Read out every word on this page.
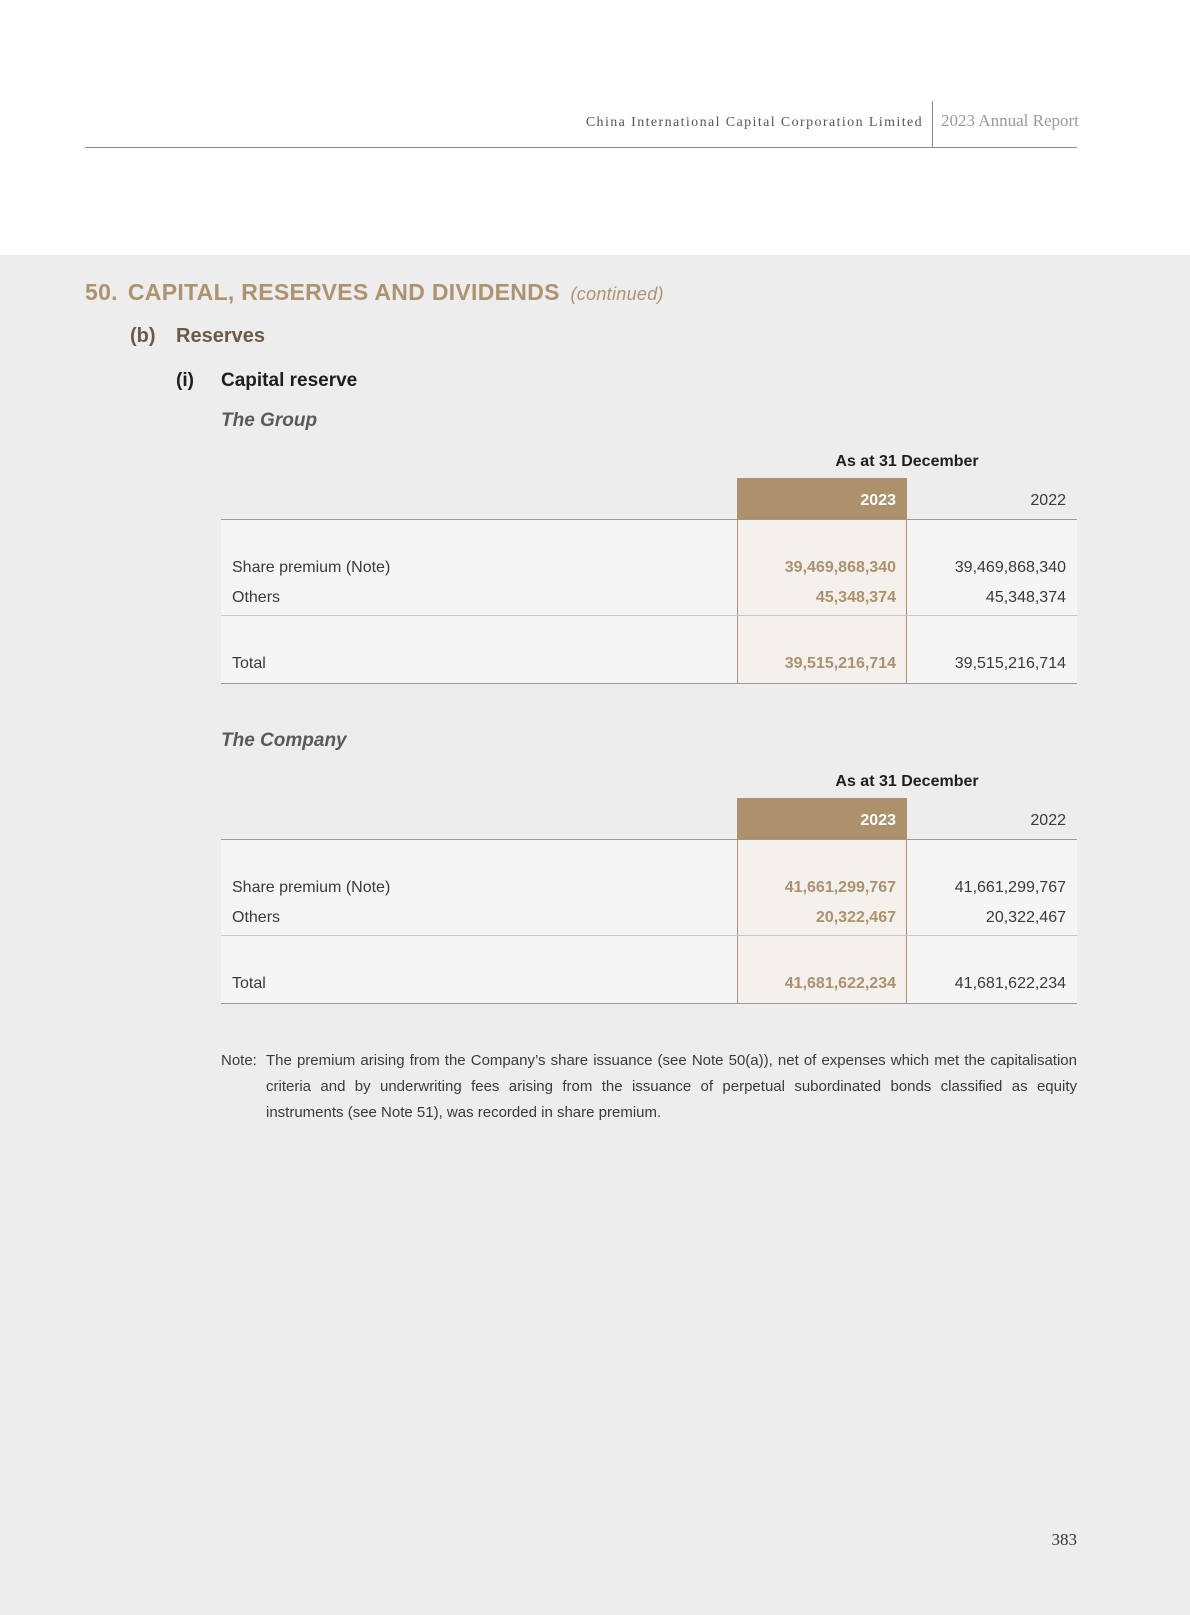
China International Capital Corporation Limited 2023 Annual Report
50. CAPITAL, RESERVES AND DIVIDENDS (continued)
(b) Reserves
(i) Capital reserve
The Group
As at 31 December
2023	2022
Share premium (Note)	39,469,868,340	39,469,868,340
Others	45,348,374	45,348,374
Total	39,515,216,714	39,515,216,714
The Company
As at 31 December
2023	2022
Share premium (Note)	41,661,299,767	41,661,299,767
Others	20,322,467	20,322,467
Total	41,681,622,234	41,681,622,234
Note: The premium arising from the Company’s share issuance (see Note 50(a)), net of expenses which met the capitalisation criteria and by underwriting fees arising from the issuance of perpetual subordinated bonds classified as equity instruments (see Note 51), was recorded in share premium.
383
